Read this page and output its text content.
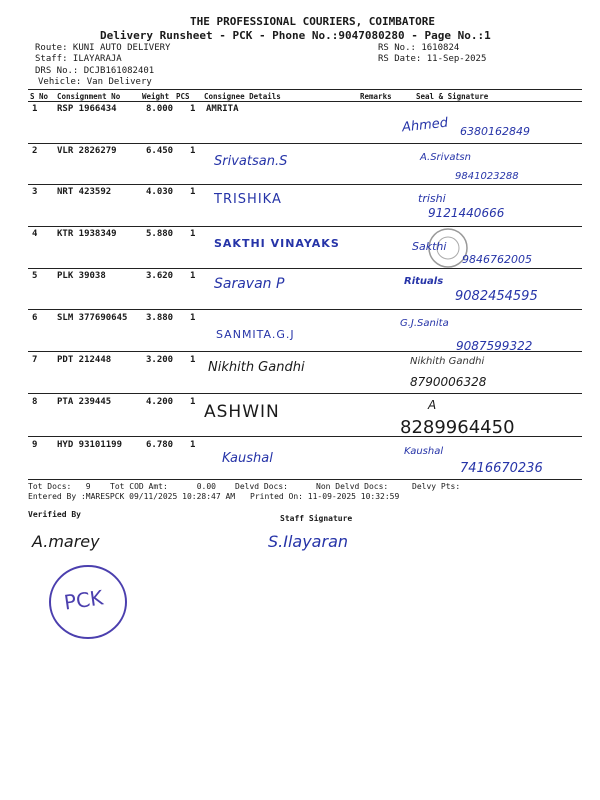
THE PROFESSIONAL COURIERS, COIMBATORE
Delivery Runsheet - PCK - Phone No.:9047080280 - Page No.:1
Route: KUNI AUTO DELIVERY
Staff: ILAYARAJA
DRS No.: DCJB161082401
Vehicle: Van Delivery
RS No.: 1610824
RS Date: 11-Sep-2025
S No Consignment No	Weight PCS Consignee Details	Remarks	Seal & Signature
1 RSP 1966434	8.000 1 AMRITA
Ahmed 6380162849
2 VLR 2826279	6.450 1
Srivatsan.S	A.Srivatsn
9841023288
3 NRT 423592	4.030 1 TRISHIKA	trishi
9121440666
4 KTR 1938349	5.880 1
SAKTHI VINAYAKS	Sakthi
9846762005
5 PLK 39038	3.620 1 Saravan P	Rituals
9082454595
6 SLM 377690645 3.880 1
SANMITA.G.J
G.J.Sanita
9087599322
7 PDT 212448	3.200 1 Nikhith Gandhi	Nikhith Gandhi
8790006328
8 PTA 239445	4.200 1 ASHWIN	A
8289964450
9 HYD 93101199	6.780 1
Kaushal	Kaushal
7416670236
Tot Docs:   9 Tot COD Amt:      0.00 Delvd Docs:	Non Delvd Docs:	Delvy Pts:
Entered By :MARESPCK 09/11/2025 10:28:47 AM Printed On: 11-09-2025 10:32:59
Verified By	Staff Signature
A.marey	S.Ilayaran
PCK
